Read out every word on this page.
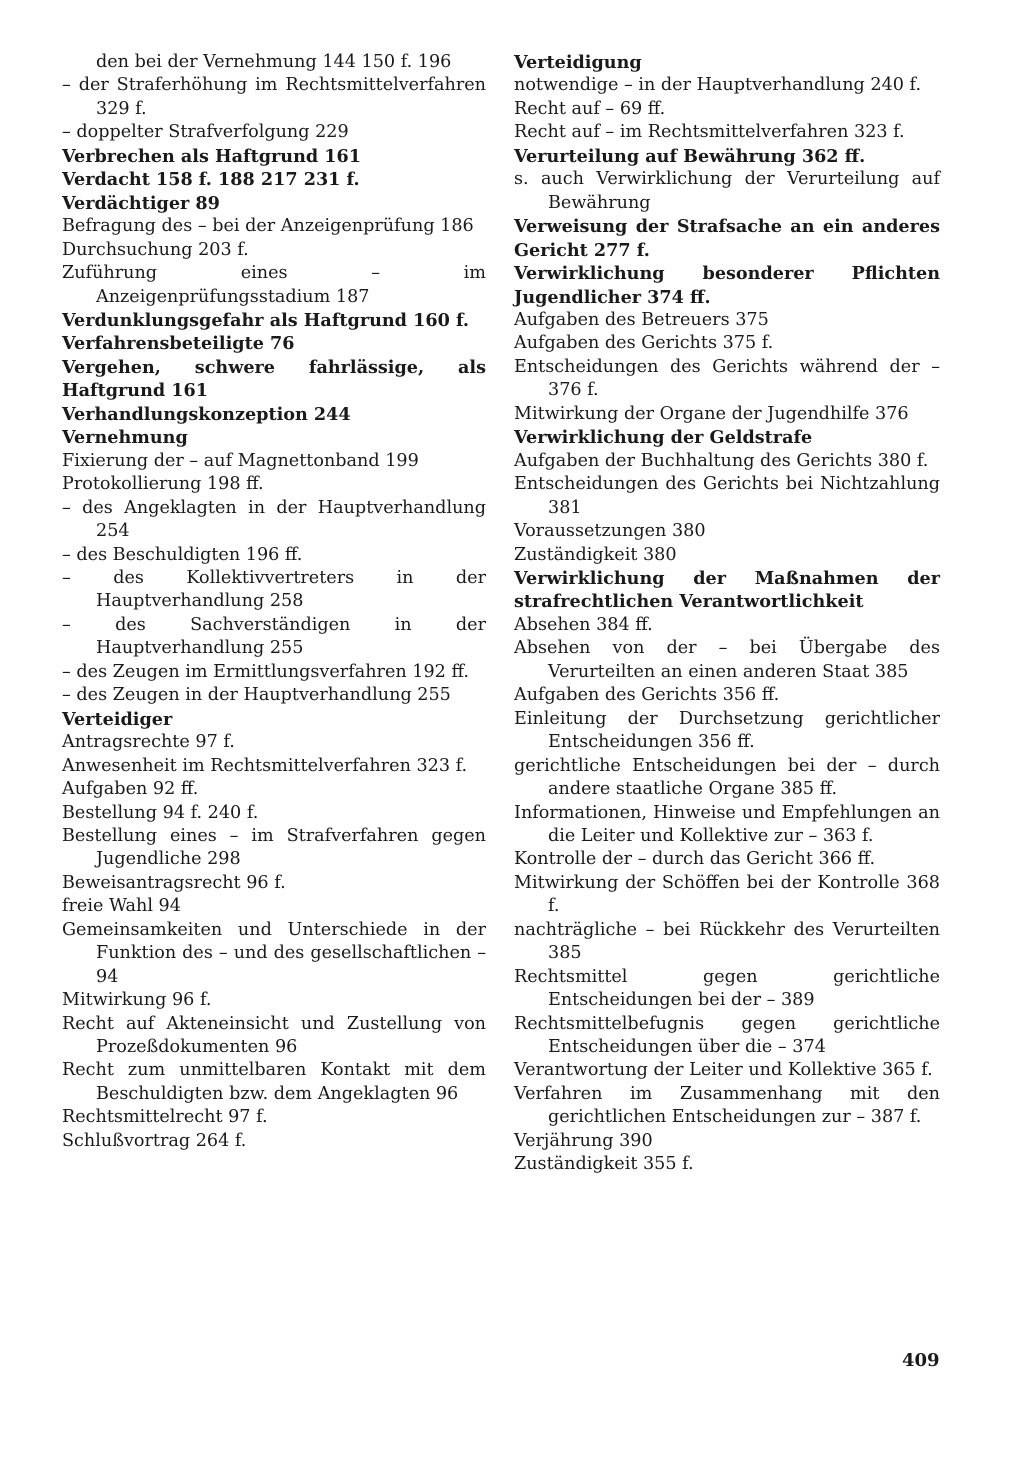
den bei der Vernehmung 144 150 f. 196
– der Straferhöhung im Rechtsmittelverfahren 329 f.
– doppelter Strafverfolgung 229
Verbrechen als Haftgrund 161
Verdacht 158 f. 188 217 231 f.
Verdächtiger 89
Befragung des – bei der Anzeigenprüfung 186
Durchsuchung 203 f.
Zuführung eines – im Anzeigenprüfungsstadium 187
Verdunklungsgefahr als Haftgrund 160 f.
Verfahrensbeteiligte 76
Vergehen, schwere fahrlässige, als Haftgrund 161
Verhandlungskonzeption 244
Vernehmung
Fixierung der – auf Magnettonband 199
Protokollierung 198 ff.
– des Angeklagten in der Hauptverhandlung 254
– des Beschuldigten 196 ff.
– des Kollektivvertreters in der Hauptverhandlung 258
– des Sachverständigen in der Hauptverhandlung 255
– des Zeugen im Ermittlungsverfahren 192 ff.
– des Zeugen in der Hauptverhandlung 255
Verteidiger
Antragsrechte 97 f.
Anwesenheit im Rechtsmittelverfahren 323 f.
Aufgaben 92 ff.
Bestellung 94 f. 240 f.
Bestellung eines – im Strafverfahren gegen Jugendliche 298
Beweisantragsrecht 96 f.
freie Wahl 94
Gemeinsamkeiten und Unterschiede in der Funktion des – und des gesellschaftlichen – 94
Mitwirkung 96 f.
Recht auf Akteneinsicht und Zustellung von Prozeßdokumenten 96
Recht zum unmittelbaren Kontakt mit dem Beschuldigten bzw. dem Angeklagten 96
Rechtsmittelrecht 97 f.
Schlußvortrag 264 f.
Verteidigung
notwendige – in der Hauptverhandlung 240 f.
Recht auf – 69 ff.
Recht auf – im Rechtsmittelverfahren 323 f.
Verurteilung auf Bewährung 362 ff.
s. auch Verwirklichung der Verurteilung auf Bewährung
Verweisung der Strafsache an ein anderes Gericht 277 f.
Verwirklichung besonderer Pflichten Jugendlicher 374 ff.
Aufgaben des Betreuers 375
Aufgaben des Gerichts 375 f.
Entscheidungen des Gerichts während der – 376 f.
Mitwirkung der Organe der Jugendhilfe 376
Verwirklichung der Geldstrafe
Aufgaben der Buchhaltung des Gerichts 380 f.
Entscheidungen des Gerichts bei Nichtzahlung 381
Voraussetzungen 380
Zuständigkeit 380
Verwirklichung der Maßnahmen der strafrechtlichen Verantwortlichkeit
Absehen 384 ff.
Absehen von der – bei Übergabe des Verurteilten an einen anderen Staat 385
Aufgaben des Gerichts 356 ff.
Einleitung der Durchsetzung gerichtlicher Entscheidungen 356 ff.
gerichtliche Entscheidungen bei der – durch andere staatliche Organe 385 ff.
Informationen, Hinweise und Empfehlungen an die Leiter und Kollektive zur – 363 f.
Kontrolle der – durch das Gericht 366 ff.
Mitwirkung der Schöffen bei der Kontrolle 368 f.
nachträgliche – bei Rückkehr des Verurteilten 385
Rechtsmittel gegen gerichtliche Entscheidungen bei der – 389
Rechtsmittelbefugnis gegen gerichtliche Entscheidungen über die – 374
Verantwortung der Leiter und Kollektive 365 f.
Verfahren im Zusammenhang mit den gerichtlichen Entscheidungen zur – 387 f.
Verjährung 390
Zuständigkeit 355 f.
409
